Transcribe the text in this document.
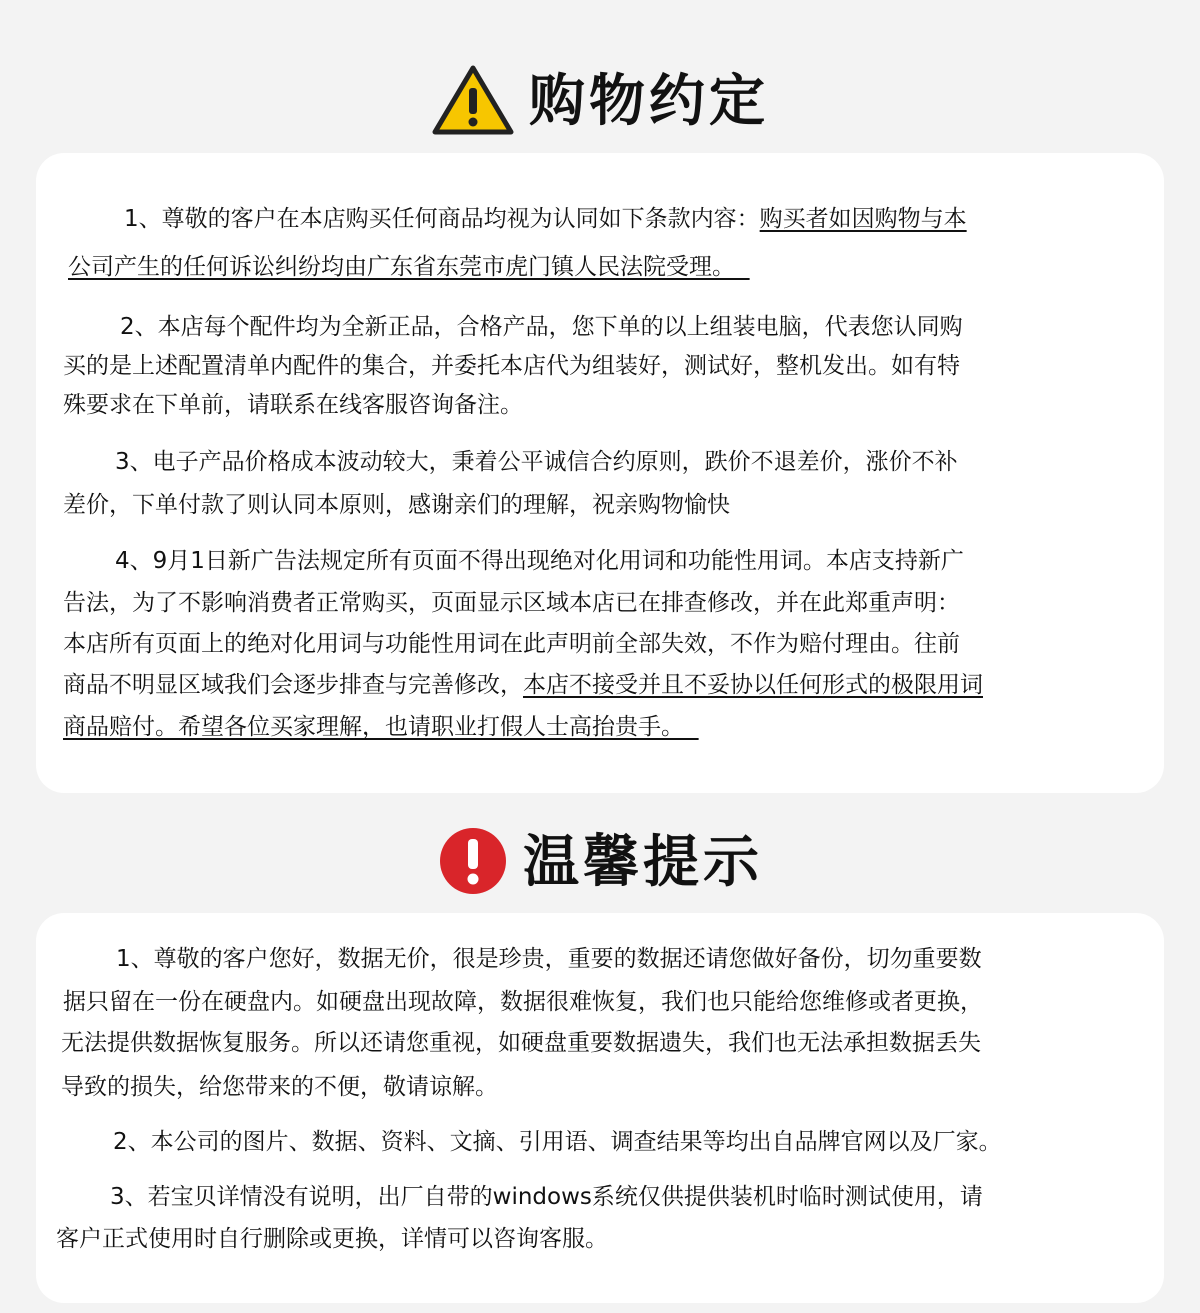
购物约定
1、尊敬的客户在本店购买任何商品均视为认同如下条款内容：购买者如因购物与本
公司产生的任何诉讼纠纷均由广东省东莞市虎门镇人民法院受理。
2、本店每个配件均为全新正品，合格产品，您下单的以上组装电脑，代表您认同购
买的是上述配置清单内配件的集合，并委托本店代为组装好，测试好，整机发出。如有特
殊要求在下单前，请联系在线客服咨询备注。
3、电子产品价格成本波动较大，秉着公平诚信合约原则，跌价不退差价，涨价不补
差价，下单付款了则认同本原则，感谢亲们的理解，祝亲购物愉快
4、9月1日新广告法规定所有页面不得出现绝对化用词和功能性用词。本店支持新广
告法，为了不影响消费者正常购买，页面显示区域本店已在排查修改，并在此郑重声明：
本店所有页面上的绝对化用词与功能性用词在此声明前全部失效，不作为赔付理由。往前
商品不明显区域我们会逐步排查与完善修改，本店不接受并且不妥协以任何形式的极限用词
商品赔付。希望各位买家理解，也请职业打假人士高抬贵手。
温馨提示
1、尊敬的客户您好，数据无价，很是珍贵，重要的数据还请您做好备份，切勿重要数
据只留在一份在硬盘内。如硬盘出现故障，数据很难恢复，我们也只能给您维修或者更换，
无法提供数据恢复服务。所以还请您重视，如硬盘重要数据遗失，我们也无法承担数据丢失
导致的损失，给您带来的不便，敬请谅解。
2、本公司的图片、数据、资料、文摘、引用语、调查结果等均出自品牌官网以及厂家。
3、若宝贝详情没有说明，出厂自带的windows系统仅供提供装机时临时测试使用，请
客户正式使用时自行删除或更换，详情可以咨询客服。
